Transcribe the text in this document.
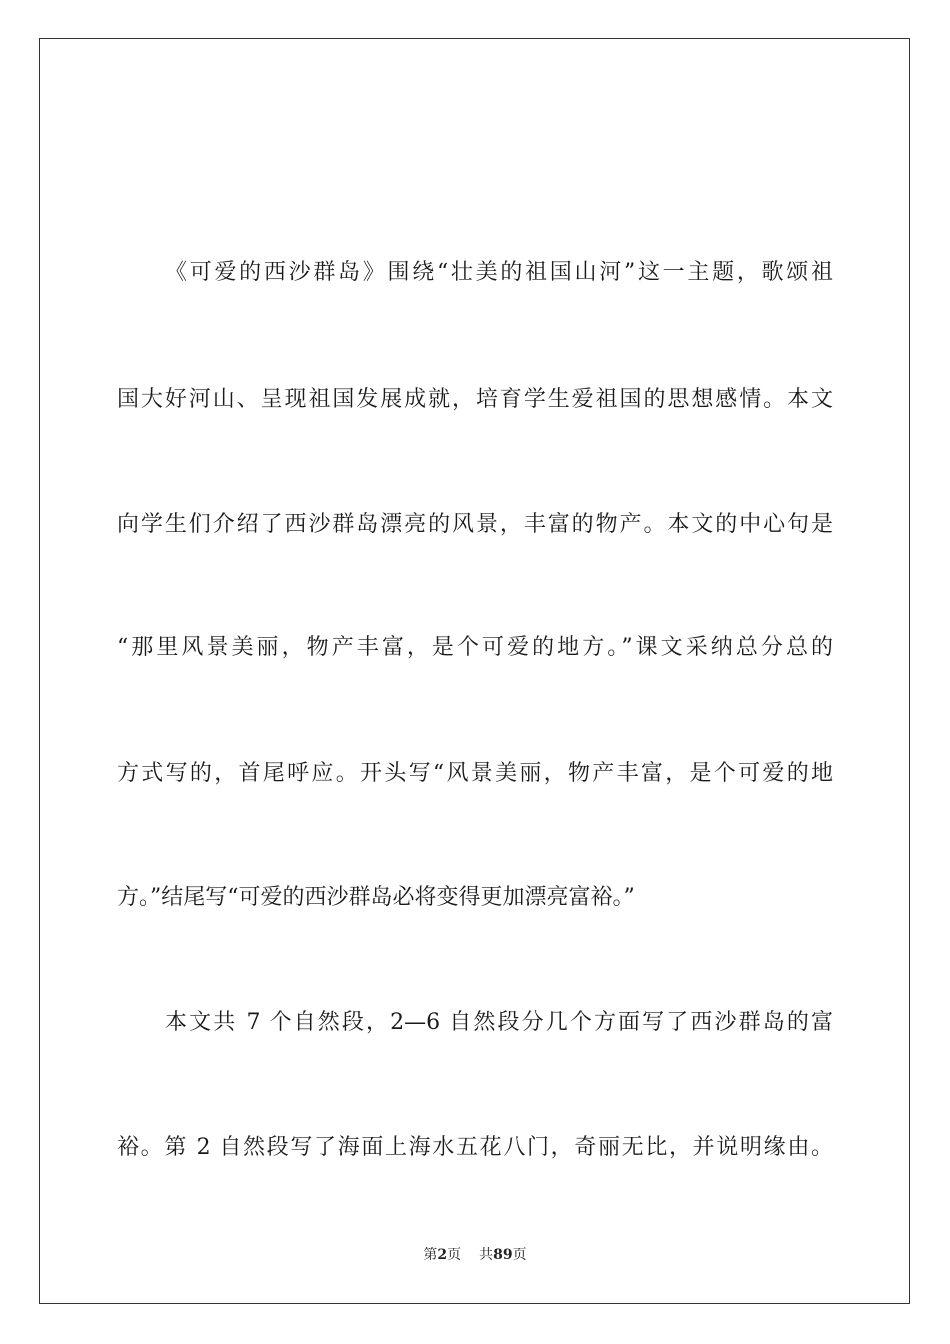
《可爱的西沙群岛》围绕“壮美的祖国山河”这一主题，歌颂祖
国大好河山、呈现祖国发展成就，培育学生爱祖国的思想感情。本文
向学生们介绍了西沙群岛漂亮的风景，丰富的物产。本文的中心句是
“那里风景美丽，物产丰富，是个可爱的地方。”课文采纳总分总的
方式写的，首尾呼应。开头写“风景美丽，物产丰富，是个可爱的地
方。”结尾写“可爱的西沙群岛必将变得更加漂亮富裕。”
本文共 7 个自然段，2—6 自然段分几个方面写了西沙群岛的富
裕。第 2 自然段写了海面上海水五花八门，奇丽无比，并说明缘由。
第2页 共89页
